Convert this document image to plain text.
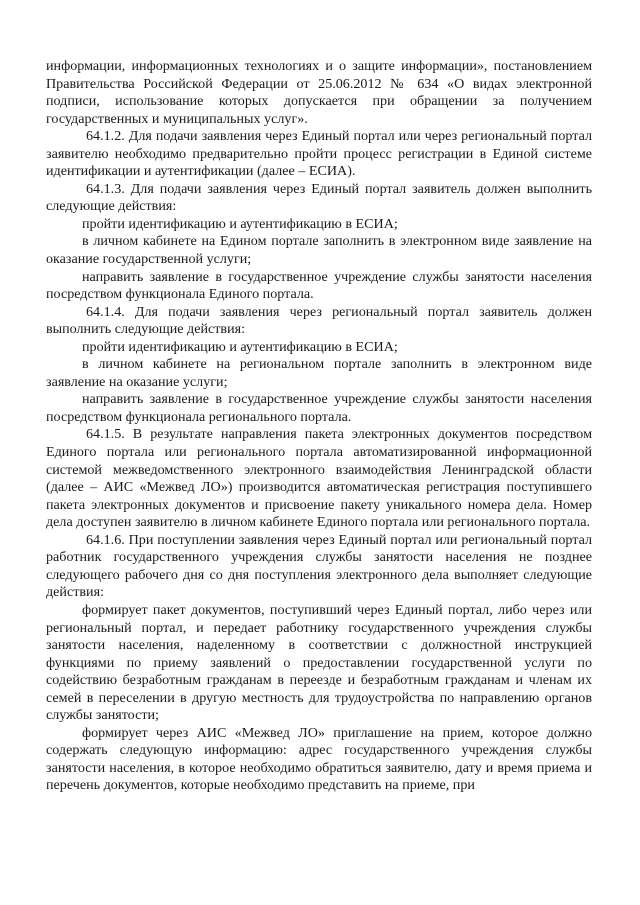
информации, информационных технологиях и о защите информации», постановлением Правительства Российской Федерации от 25.06.2012 № 634 «О видах электронной подписи, использование которых допускается при обращении за получением государственных и муниципальных услуг».

64.1.2. Для подачи заявления через Единый портал или через региональный портал заявителю необходимо предварительно пройти процесс регистрации в Единой системе идентификации и аутентификации (далее – ЕСИА).

64.1.3. Для подачи заявления через Единый портал заявитель должен выполнить следующие действия:

пройти идентификацию и аутентификацию в ЕСИА;

в личном кабинете на Едином портале заполнить в электронном виде заявление на оказание государственной услуги;

направить заявление в государственное учреждение службы занятости населения посредством функционала Единого портала.

64.1.4. Для подачи заявления через региональный портал заявитель должен выполнить следующие действия:

пройти идентификацию и аутентификацию в ЕСИА;

в личном кабинете на региональном портале заполнить в электронном виде заявление на оказание услуги;

направить заявление в государственное учреждение службы занятости населения посредством функционала регионального портала.

64.1.5. В результате направления пакета электронных документов посредством Единого портала или регионального портала автоматизированной информационной системой межведомственного электронного взаимодействия Ленинградской области (далее – АИС «Межвед ЛО») производится автоматическая регистрация поступившего пакета электронных документов и присвоение пакету уникального номера дела. Номер дела доступен заявителю в личном кабинете Единого портала или регионального портала.

64.1.6. При поступлении заявления через Единый портал или региональный портал работник государственного учреждения службы занятости населения не позднее следующего рабочего дня со дня поступления электронного дела выполняет следующие действия:

формирует пакет документов, поступивший через Единый портал, либо через или региональный портал, и передает работнику государственного учреждения службы занятости населения, наделенному в соответствии с должностной инструкцией функциями по приему заявлений о предоставлении государственной услуги по содействию безработным гражданам в переезде и безработным гражданам и членам их семей в переселении в другую местность для трудоустройства по направлению органов службы занятости;

формирует через АИС «Межвед ЛО» приглашение на прием, которое должно содержать следующую информацию: адрес государственного учреждения службы занятости населения, в которое необходимо обратиться заявителю, дату и время приема и перечень документов, которые необходимо представить на приеме, при
